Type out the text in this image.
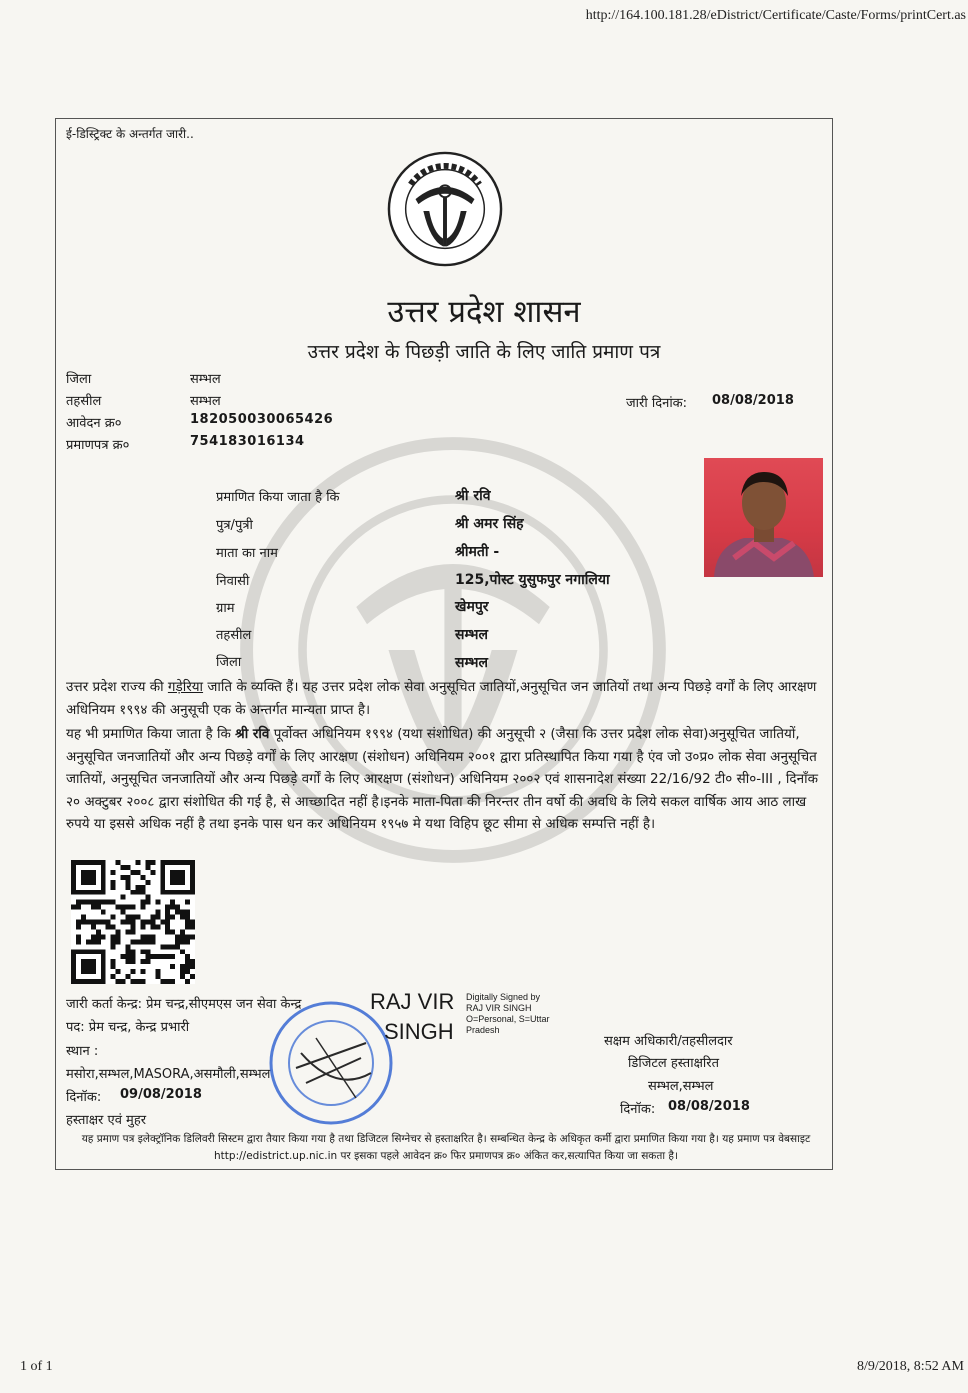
http://164.100.181.28/eDistrict/Certificate/Caste/Forms/printCert.as
ई-डिस्ट्रिक्ट के अन्तर्गत जारी..
उत्तर प्रदेश शासन
उत्तर प्रदेश के पिछड़ी जाति के लिए जाति प्रमाण पत्र
जिला	सम्भल
तहसील	सम्भल
आवेदन क्र०	182050030065426
प्रमाणपत्र क्र०	754183016134
जारी दिनांक: 08/08/2018
प्रमाणित किया जाता है कि	श्री रवि
पुत्र/पुत्री	श्री अमर सिंह
माता का नाम	श्रीमती -
निवासी	125,पोस्ट युसुफपुर नगालिया
ग्राम	खेमपुर
तहसील	सम्भल
जिला	सम्भल
उत्तर प्रदेश राज्य की गड़ेरिया जाति के व्यक्ति हैं। यह उत्तर प्रदेश लोक सेवा अनुसूचित जातियों,अनुसूचित जन जातियों तथा अन्य पिछड़े वर्गों के लिए आरक्षण अधिनियम १९९४ की अनुसूची एक के अन्तर्गत मान्यता प्राप्त है।
यह भी प्रमाणित किया जाता है कि श्री रवि पूर्वोक्त अधिनियम १९९४ (यथा संशोधित) की अनुसूची २ (जैसा कि उत्तर प्रदेश लोक सेवा)अनुसूचित जातियों, अनुसूचित जनजातियों और अन्य पिछड़े वर्गों के लिए आरक्षण (संशोधन) अधिनियम २००१ द्वारा प्रतिस्थापित किया गया है एंव जो उ०प्र० लोक सेवा अनुसूचित जातियों, अनुसूचित जनजातियों और अन्य पिछड़े वर्गों के लिए आरक्षण (संशोधन) अधिनियम २००२ एवं शासनादेश संख्या 22/16/92 टी० सी०-III , दिनाँक २० अक्टुबर २००८ द्वारा संशोधित की गई है, से आच्छादित नहीं है।इनके माता-पिता की निरन्तर तीन वर्षो की अवधि के लिये सकल वार्षिक आय आठ लाख रुपये या इससे अधिक नहीं है तथा इनके पास धन कर अधिनियम १९५७ मे यथा विहिप छूट सीमा से अधिक सम्पत्ति नहीं है।
जारी कर्ता केन्द्र: प्रेम चन्द्र,सीएमएस जन सेवा केन्द्र
पद: प्रेम चन्द्र, केन्द्र प्रभारी
स्थान :
मसोरा,सम्भल,MASORA,असमौली,सम्भल
दिनॉक: 09/08/2018
हस्ताक्षर एवं मुहर
RAJ VIR
SINGH
Digitally Signed by
RAJ VIR SINGH
O=Personal, S=Uttar
Pradesh
सक्षम अधिकारी/तहसीलदार
डिजिटल हस्ताक्षरित
सम्भल,सम्भल
दिनॉक: 08/08/2018
यह प्रमाण पत्र इलेक्ट्रॉनिक डिलिवरी सिस्टम द्वारा तैयार किया गया है तथा डिजिटल सिग्नेचर से हस्ताक्षरित है। सम्बन्धित केन्द्र के अधिकृत कर्मी द्वारा प्रमाणित किया गया है। यह प्रमाण पत्र वेबसाइट http://edistrict.up.nic.in पर इसका पहले आवेदन क्र० फिर प्रमाणपत्र क्र० अंकित कर,सत्यापित किया जा सकता है।
1 of 1	8/9/2018, 8:52 AM
